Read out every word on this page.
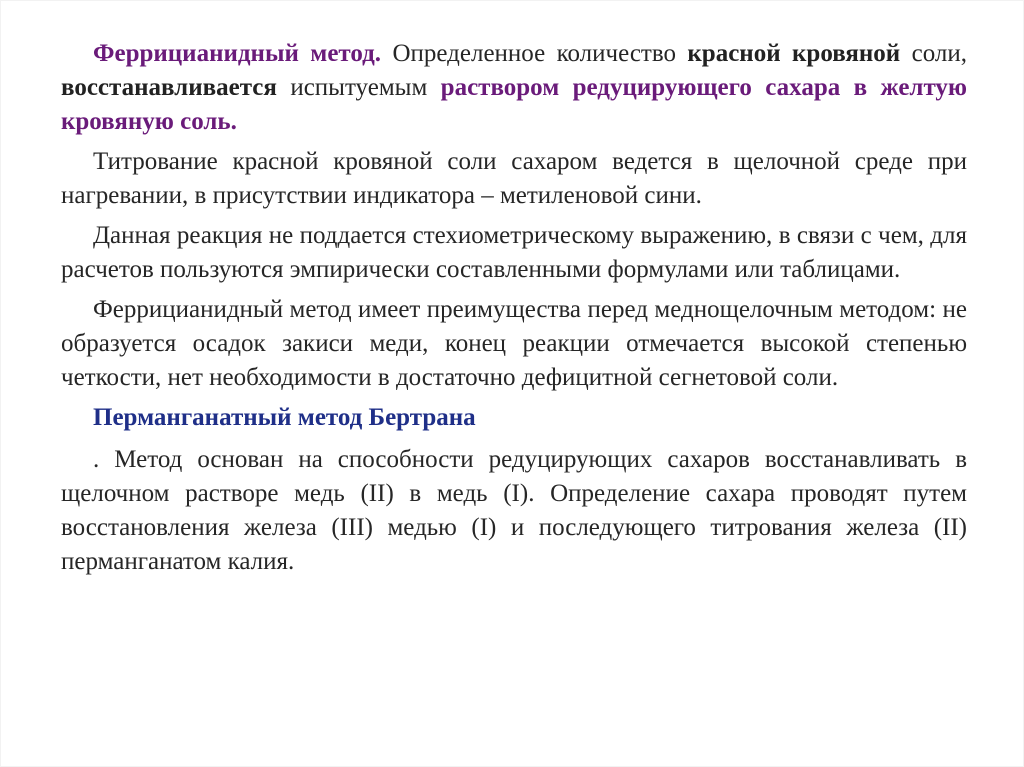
Феррицианидный метод. Определенное количество красной кровяной соли, восстанавливается испытуемым раствором редуцирующего сахара в желтую кровяную соль.

Титрование красной кровяной соли сахаром ведется в щелочной среде при нагревании, в присутствии индикатора – метиленовой сини.

Данная реакция не поддается стехиометрическому выражению, в связи с чем, для расчетов пользуются эмпирически составленными формулами или таблицами.

Феррицианидный метод имеет преимущества перед меднощелочным методом: не образуется осадок закиси меди, конец реакции отмечается высокой степенью четкости, нет необходимости в достаточно дефицитной сегнетовой соли.

Перманганатный метод Бертрана

. Метод основан на способности редуцирующих сахаров восстанавливать в щелочном растворе медь (II) в медь (I). Определение сахара проводят путем восстановления железа (III) медью (I) и последующего титрования железа (II) перманганатом калия.
